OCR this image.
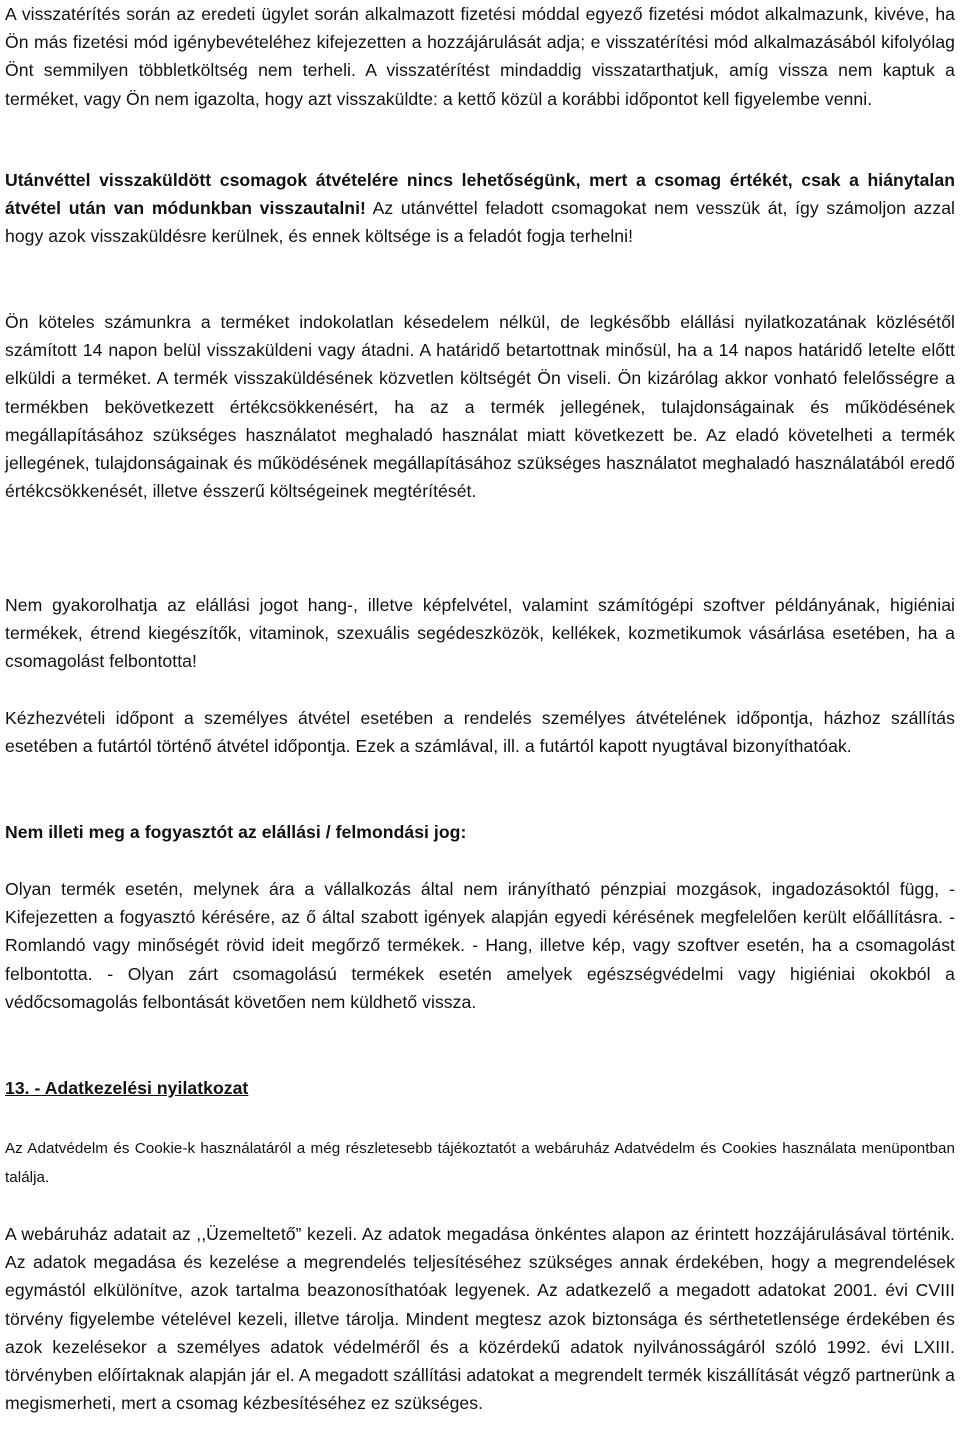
A visszatérítés során az eredeti ügylet során alkalmazott fizetési móddal egyező fizetési módot alkalmazunk, kivéve, ha Ön más fizetési mód igénybevételéhez kifejezetten a hozzájárulását adja; e visszatérítési mód alkalmazásából kifolyólag Önt semmilyen többletköltség nem terheli. A visszatérítést mindaddig visszatarthatjuk, amíg vissza nem kaptuk a terméket, vagy Ön nem igazolta, hogy azt visszaküldte: a kettő közül a korábbi időpontot kell figyelembe venni.

Utánvéttel visszaküldött csomagok átvételére nincs lehetőségünk, mert a csomag értékét, csak a hiánytalan átvétel után van módunkban visszautalni! Az utánvéttel feladott csomagokat nem vesszük át, így számoljon azzal hogy azok visszaküldésre kerülnek, és ennek költsége is a feladót fogja terhelni!

Ön köteles számunkra a terméket indokolatlan késedelem nélkül, de legkésőbb elállási nyilatkozatának közlésétől számított 14 napon belül visszaküldeni vagy átadni. A határidő betartottnak minősül, ha a 14 napos határidő letelte előtt elküldi a terméket. A termék visszaküldésének közvetlen költségét Ön viseli. Ön kizárólag akkor vonható felelősségre a termékben bekövetkezett értékcsökkenésért, ha az a termék jellegének, tulajdonságainak és működésének megállapításához szükséges használatot meghaladó használat miatt következett be. Az eladó követelheti a termék jellegének, tulajdonságainak és működésének megállapításához szükséges használatot meghaladó használatából eredő értékcsökkenését, illetve ésszerű költségeinek megtérítését.

Nem gyakorolhatja az elállási jogot hang-, illetve képfelvétel, valamint számítógépi szoftver példányának, higiéniai termékek, étrend kiegészítők, vitaminok, szexuális segédeszközök, kellékek, kozmetikumok vásárlása esetében, ha a csomagolást felbontotta!

Kézhezvételi időpont a személyes átvétel esetében a rendelés személyes átvételének időpontja, házhoz szállítás esetében a futártól történő átvétel időpontja. Ezek a számlával, ill. a futártól kapott nyugtával bizonyíthatóak.

Nem illeti meg a fogyasztót az elállási / felmondási jog:

Olyan termék esetén, melynek ára a vállalkozás által nem irányítható pénzpiai mozgások, ingadozásoktól függ, - Kifejezetten a fogyasztó kérésére, az ő által szabott igények alapján egyedi kérésének megfelelően került előállításra. - Romlandó vagy minőségét rövid ideit megőrző termékek. - Hang, illetve kép, vagy szoftver esetén, ha a csomagolást felbontotta. - Olyan zárt csomagolású termékek esetén amelyek egészségvédelmi vagy higiéniai okokból a védőcsomagolás felbontását követően nem küldhető vissza.

13. - Adatkezelési nyilatkozat

Az Adatvédelm és Cookie-k használatáról a még részletesebb tájékoztatót a webáruház Adatvédelm és Cookies használata menüpontban találja.

A webáruház adatait az ,,Üzemeltető” kezeli. Az adatok megadása önkéntes alapon az érintett hozzájárulásával történik. Az adatok megadása és kezelése a megrendelés teljesítéséhez szükséges annak érdekében, hogy a megrendelések egymástól elkülönítve, azok tartalma beazonosíthatóak legyenek. Az adatkezelő a megadott adatokat 2001. évi CVIII törvény figyelembe vételével kezeli, illetve tárolja. Mindent megtesz azok biztonsága és sérthetetlensége érdekében és azok kezelésekor a személyes adatok védelméről és a közérdekű adatok nyilvánosságáról szóló 1992. évi LXIII. törvényben előírtaknak alapján jár el. A megadott szállítási adatokat a megrendelt termék kiszállítását végző partnerünk a megismerheti, mert a csomag kézbesítéséhez ez szükséges.
